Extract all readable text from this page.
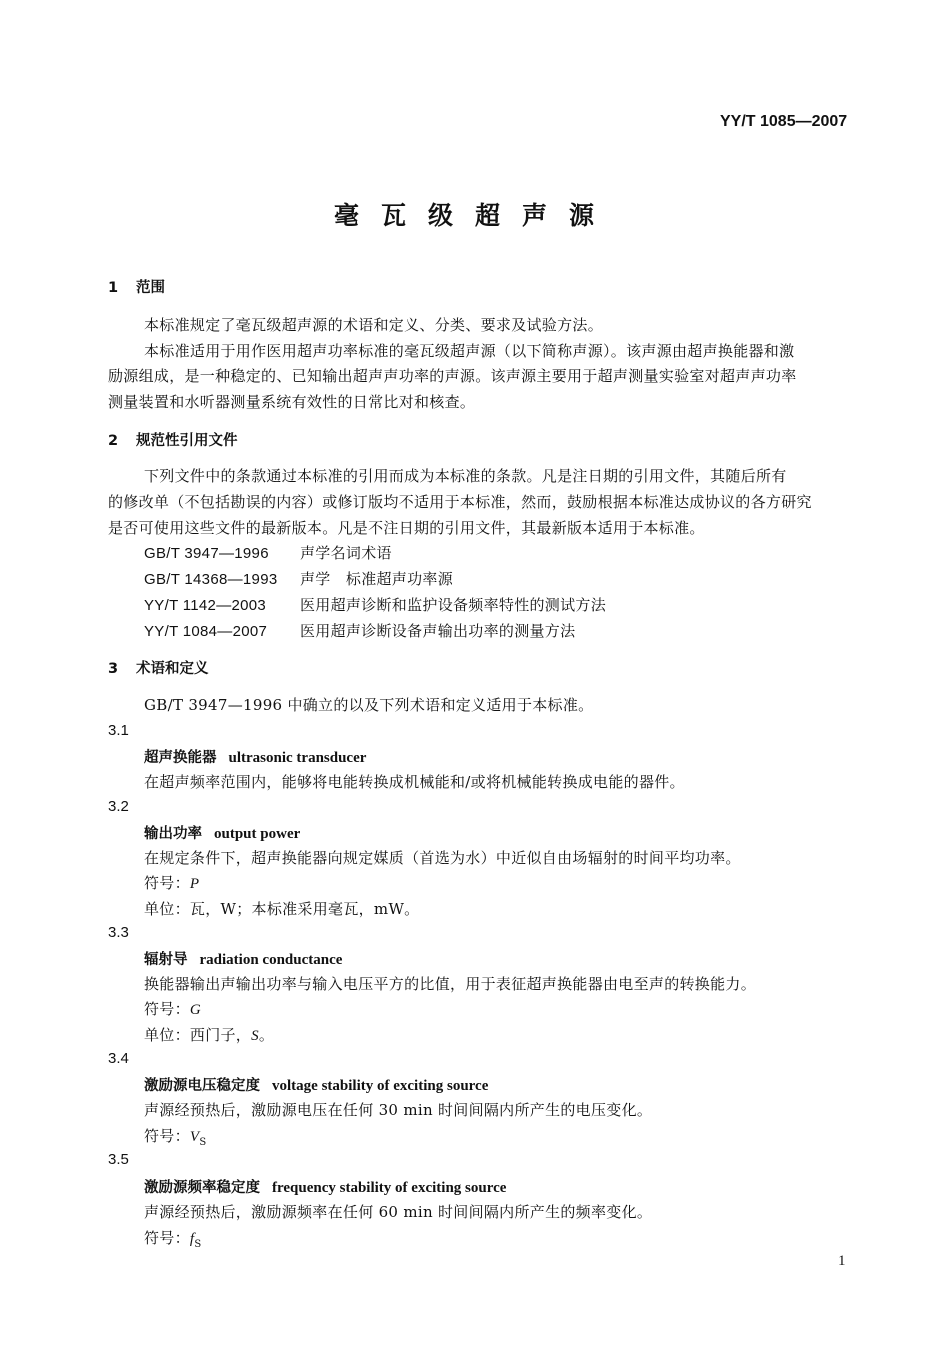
YY/T 1085—2007
毫瓦级超声源
1 范围
本标准规定了毫瓦级超声源的术语和定义、分类、要求及试验方法。
本标准适用于用作医用超声功率标准的毫瓦级超声源（以下简称声源）。该声源由超声换能器和激
励源组成，是一种稳定的、已知输出超声声功率的声源。该声源主要用于超声测量实验室对超声声功率
测量装置和水听器测量系统有效性的日常比对和核查。
2 规范性引用文件
下列文件中的条款通过本标准的引用而成为本标准的条款。凡是注日期的引用文件，其随后所有
的修改单（不包括勘误的内容）或修订版均不适用于本标准，然而，鼓励根据本标准达成协议的各方研究
是否可使用这些文件的最新版本。凡是不注日期的引用文件，其最新版本适用于本标准。
GB/T 3947—1996 声学名词术语
GB/T 14368—1993 声学　标准超声功率源
YY/T 1142—2003 医用超声诊断和监护设备频率特性的测试方法
YY/T 1084—2007 医用超声诊断设备声输出功率的测量方法
3 术语和定义
GB/T 3947—1996 中确立的以及下列术语和定义适用于本标准。
3.1
超声换能器 ultrasonic transducer
在超声频率范围内，能够将电能转换成机械能和/或将机械能转换成电能的器件。
3.2
输出功率 output power
在规定条件下，超声换能器向规定媒质（首选为水）中近似自由场辐射的时间平均功率。
符号：P
单位：瓦，W；本标准采用毫瓦，mW。
3.3
辐射导 radiation conductance
换能器输出声输出功率与输入电压平方的比值，用于表征超声换能器由电至声的转换能力。
符号：G
单位：西门子，S。
3.4
激励源电压稳定度 voltage stability of exciting source
声源经预热后，激励源电压在任何 30 min 时间间隔内所产生的电压变化。
符号：$V_S$
3.5
激励源频率稳定度 frequency stability of exciting source
声源经预热后，激励源频率在任何 60 min 时间间隔内所产生的频率变化。
符号：$f_S$
1
